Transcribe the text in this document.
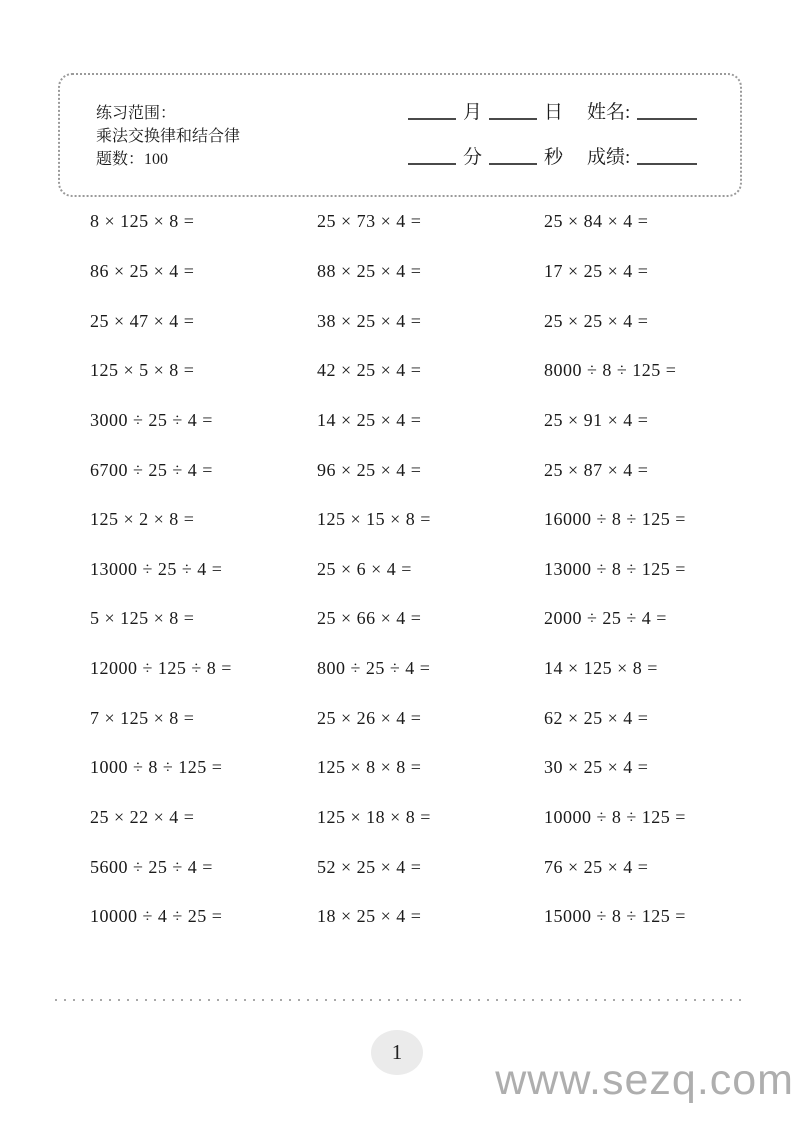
练习范围：
乘法交换律和结合律
题数：100
月	日 姓名:
分	秒 成绩:
8 × 125 × 8 =
86 × 25 × 4 =
25 × 47 × 4 =
125 × 5 × 8 =
3000 ÷ 25 ÷ 4 =
6700 ÷ 25 ÷ 4 =
125 × 2 × 8 =
13000 ÷ 25 ÷ 4 =
5 × 125 × 8 =
12000 ÷ 125 ÷ 8 =
7 × 125 × 8 =
1000 ÷ 8 ÷ 125 =
25 × 22 × 4 =
5600 ÷ 25 ÷ 4 =
10000 ÷ 4 ÷ 25 =
25 × 73 × 4 =
88 × 25 × 4 =
38 × 25 × 4 =
42 × 25 × 4 =
14 × 25 × 4 =
96 × 25 × 4 =
125 × 15 × 8 =
25 × 6 × 4 =
25 × 66 × 4 =
800 ÷ 25 ÷ 4 =
25 × 26 × 4 =
125 × 8 × 8 =
125 × 18 × 8 =
52 × 25 × 4 =
18 × 25 × 4 =
25 × 84 × 4 =
17 × 25 × 4 =
25 × 25 × 4 =
8000 ÷ 8 ÷ 125 =
25 × 91 × 4 =
25 × 87 × 4 =
16000 ÷ 8 ÷ 125 =
13000 ÷ 8 ÷ 125 =
2000 ÷ 25 ÷ 4 =
14 × 125 × 8 =
62 × 25 × 4 =
30 × 25 × 4 =
10000 ÷ 8 ÷ 125 =
76 × 25 × 4 =
15000 ÷ 8 ÷ 125 =
1
www.sezq.com
